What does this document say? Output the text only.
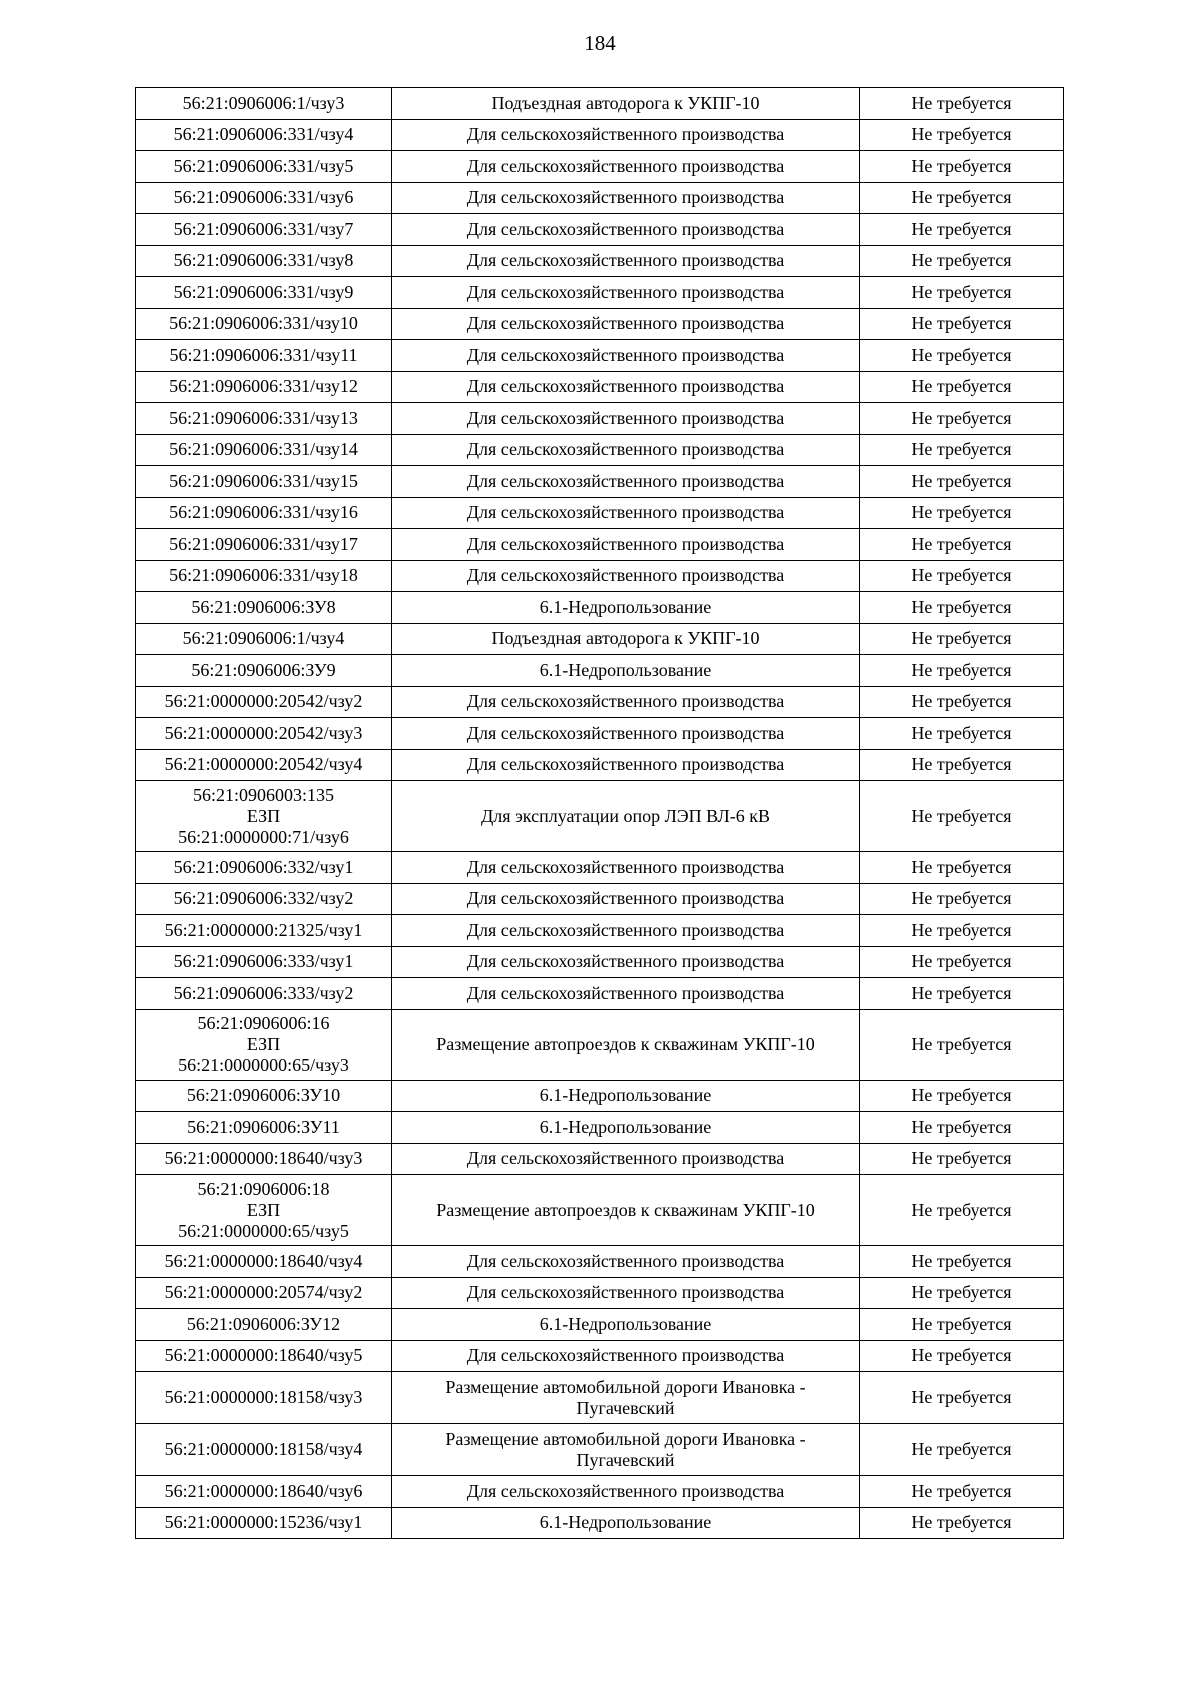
184
56:21:0906006:1/чзу3	Подъездная автодорога к УКПГ-10	Не требуется

56:21:0906006:331/чзу4	Для сельскохозяйственного производства	Не требуется

56:21:0906006:331/чзу5	Для сельскохозяйственного производства	Не требуется

56:21:0906006:331/чзу6	Для сельскохозяйственного производства	Не требуется

56:21:0906006:331/чзу7	Для сельскохозяйственного производства	Не требуется

56:21:0906006:331/чзу8	Для сельскохозяйственного производства	Не требуется

56:21:0906006:331/чзу9	Для сельскохозяйственного производства	Не требуется

56:21:0906006:331/чзу10	Для сельскохозяйственного производства	Не требуется

56:21:0906006:331/чзу11	Для сельскохозяйственного производства	Не требуется

56:21:0906006:331/чзу12	Для сельскохозяйственного производства	Не требуется

56:21:0906006:331/чзу13	Для сельскохозяйственного производства	Не требуется

56:21:0906006:331/чзу14	Для сельскохозяйственного производства	Не требуется

56:21:0906006:331/чзу15	Для сельскохозяйственного производства	Не требуется

56:21:0906006:331/чзу16	Для сельскохозяйственного производства	Не требуется

56:21:0906006:331/чзу17	Для сельскохозяйственного производства	Не требуется

56:21:0906006:331/чзу18	Для сельскохозяйственного производства	Не требуется

56:21:0906006:ЗУ8	6.1-Недропользование	Не требуется

56:21:0906006:1/чзу4	Подъездная автодорога к УКПГ-10	Не требуется

56:21:0906006:ЗУ9	6.1-Недропользование	Не требуется

56:21:0000000:20542/чзу2	Для сельскохозяйственного производства	Не требуется

56:21:0000000:20542/чзу3	Для сельскохозяйственного производства	Не требуется

56:21:0000000:20542/чзу4	Для сельскохозяйственного производства	Не требуется

56:21:0906003:135
ЕЗП
56:21:0000000:71/чзу6	Для эксплуатации опор ЛЭП ВЛ-6 кВ	Не требуется

56:21:0906006:332/чзу1	Для сельскохозяйственного производства	Не требуется

56:21:0906006:332/чзу2	Для сельскохозяйственного производства	Не требуется

56:21:0000000:21325/чзу1	Для сельскохозяйственного производства	Не требуется

56:21:0906006:333/чзу1	Для сельскохозяйственного производства	Не требуется

56:21:0906006:333/чзу2	Для сельскохозяйственного производства	Не требуется

56:21:0906006:16
ЕЗП
56:21:0000000:65/чзу3	Размещение автопроездов к скважинам УКПГ-10	Не требуется

56:21:0906006:ЗУ10	6.1-Недропользование	Не требуется

56:21:0906006:ЗУ11	6.1-Недропользование	Не требуется

56:21:0000000:18640/чзу3	Для сельскохозяйственного производства	Не требуется

56:21:0906006:18
ЕЗП
56:21:0000000:65/чзу5	Размещение автопроездов к скважинам УКПГ-10	Не требуется

56:21:0000000:18640/чзу4	Для сельскохозяйственного производства	Не требуется

56:21:0000000:20574/чзу2	Для сельскохозяйственного производства	Не требуется

56:21:0906006:ЗУ12	6.1-Недропользование	Не требуется

56:21:0000000:18640/чзу5	Для сельскохозяйственного производства	Не требуется

56:21:0000000:18158/чзу3	Размещение автомобильной дороги Ивановка -
Пугачевский	Не требуется

56:21:0000000:18158/чзу4	Размещение автомобильной дороги Ивановка -
Пугачевский	Не требуется

56:21:0000000:18640/чзу6	Для сельскохозяйственного производства	Не требуется

56:21:0000000:15236/чзу1	6.1-Недропользование	Не требуется
